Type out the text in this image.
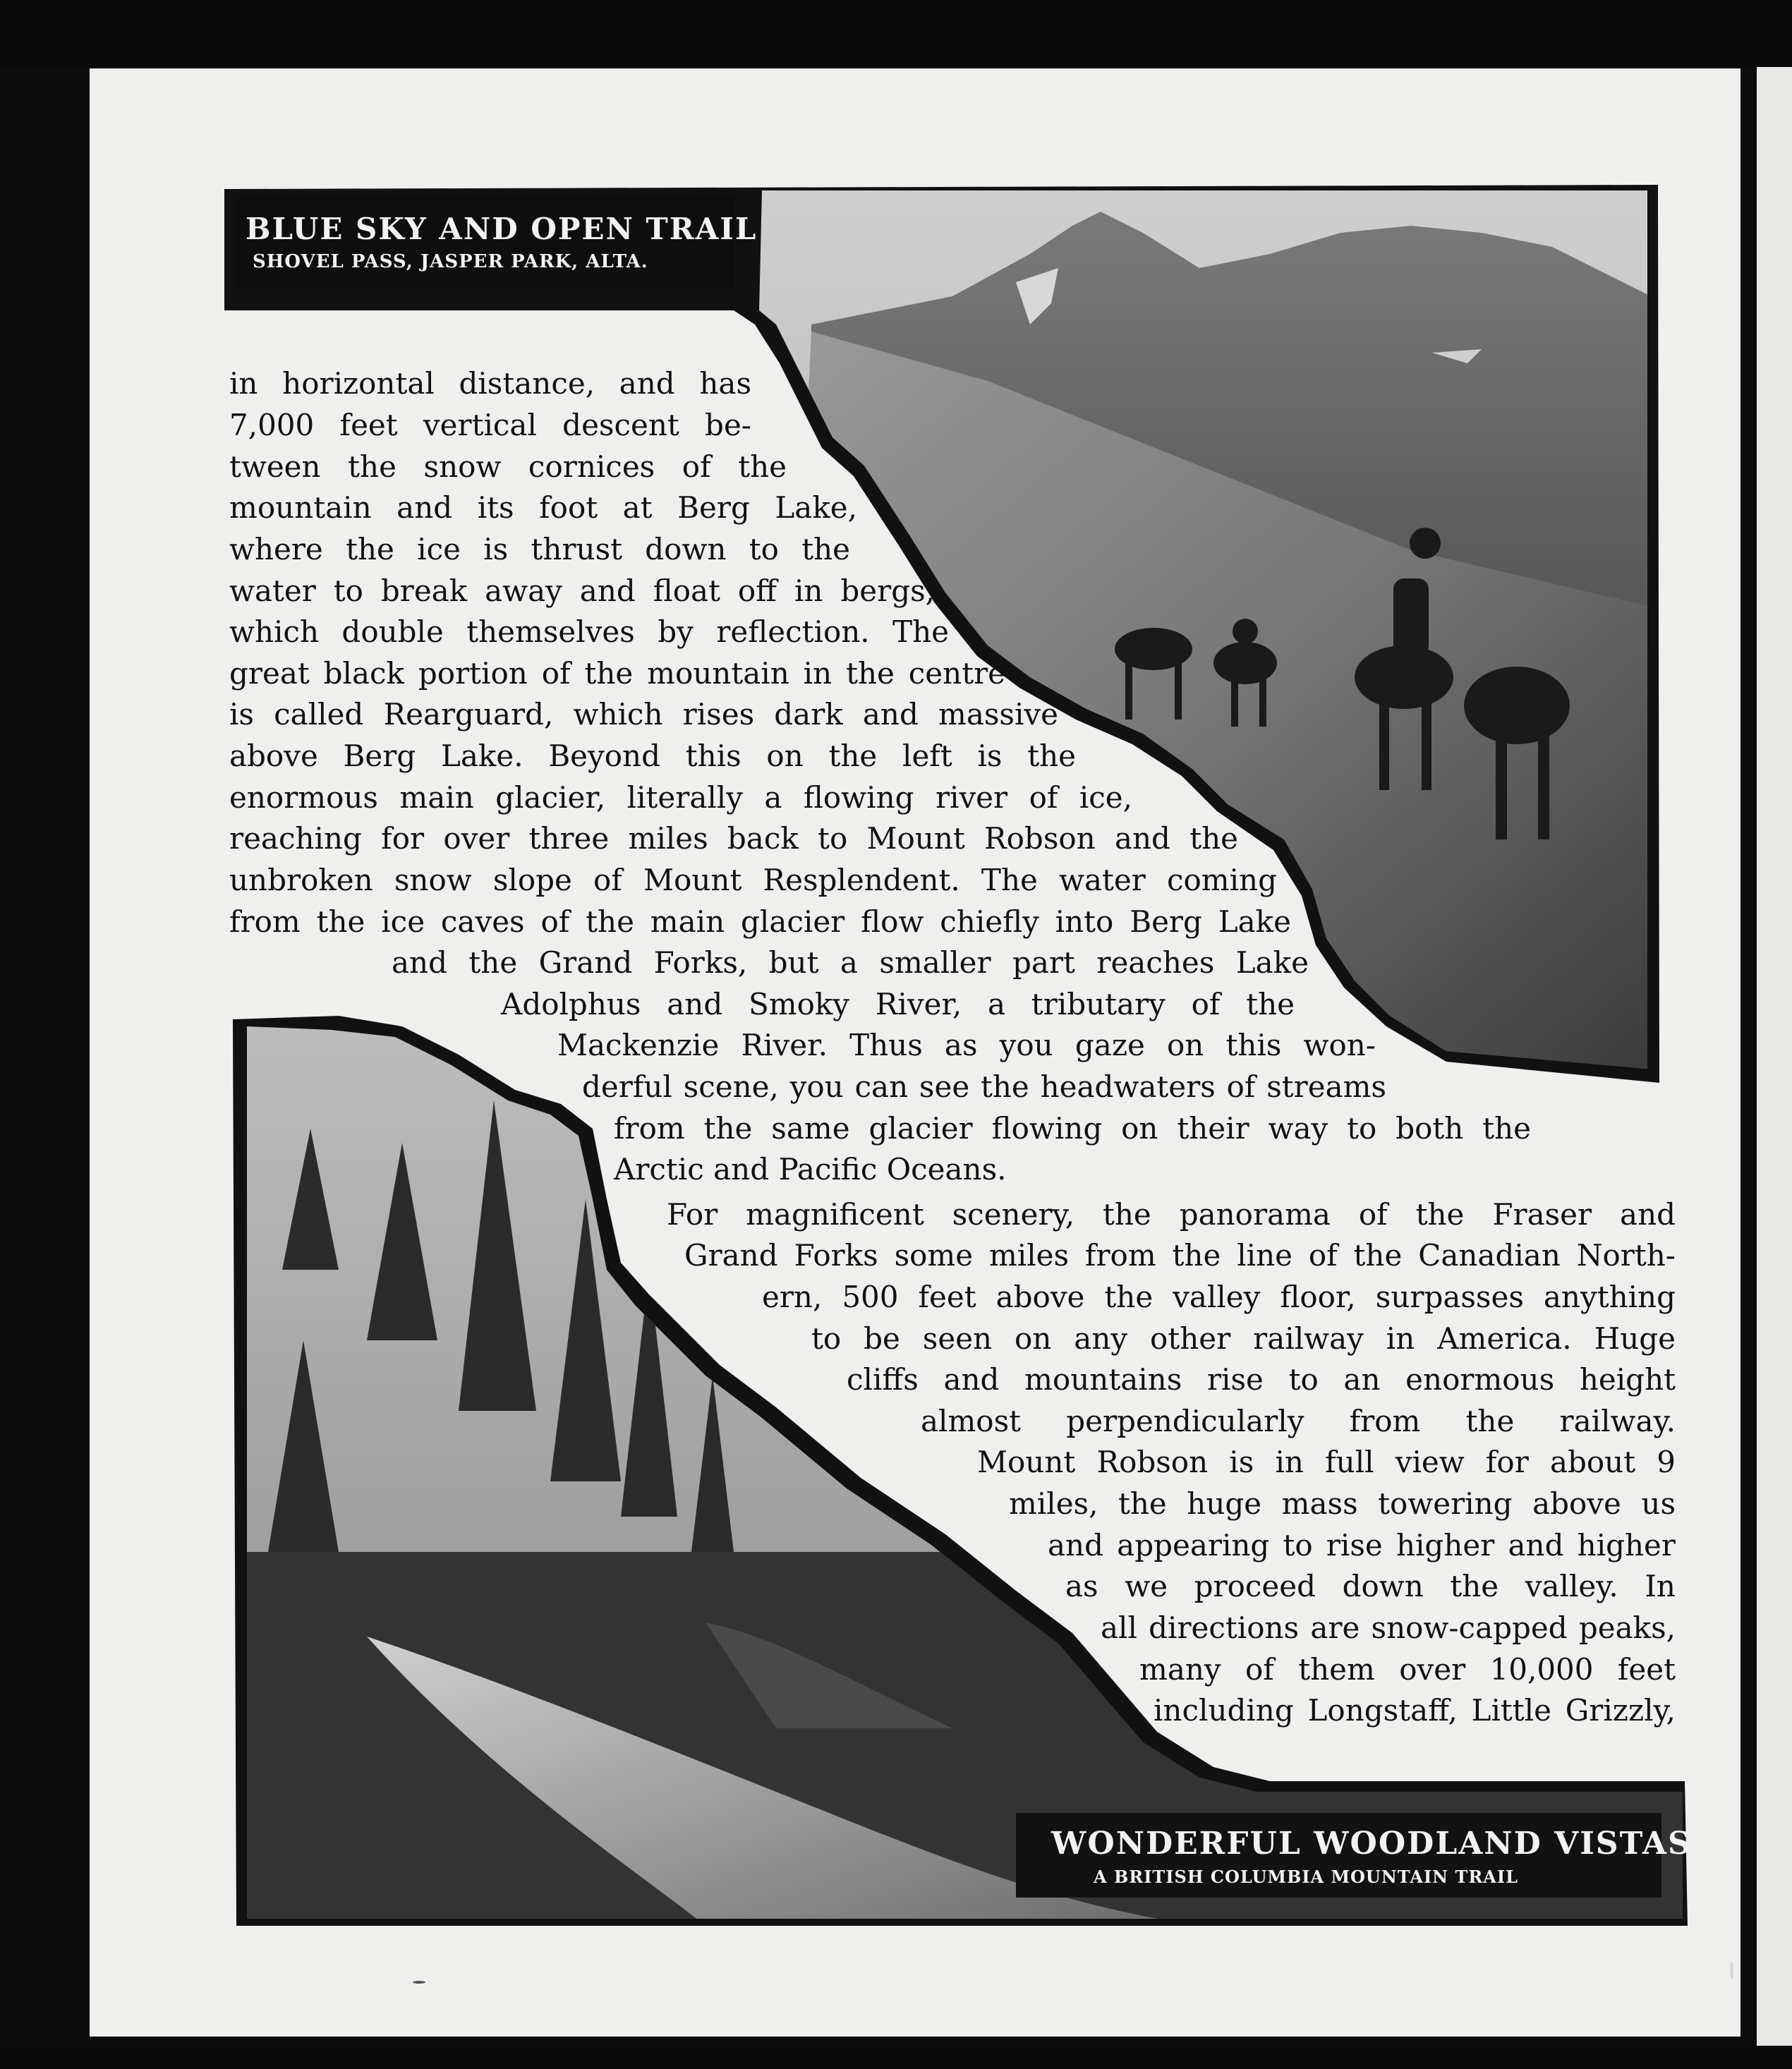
BLUE SKY AND OPEN TRAIL
SHOVEL PASS, JASPER PARK, ALTA.
WONDERFUL WOODLAND VISTAS
A BRITISH COLUMBIA MOUNTAIN TRAIL
in horizontal distance, and has
7,000 feet vertical descent be-
tween the snow cornices of the
mountain and its foot at Berg Lake,
where the ice is thrust down to the
water to break away and float off in bergs,
which double themselves by reflection. The
great black portion of the mountain in the centre
is called Rearguard, which rises dark and massive
above Berg Lake. Beyond this on the left is the
enormous main glacier, literally a flowing river of ice,
reaching for over three miles back to Mount Robson and the
unbroken snow slope of Mount Resplendent. The water coming
from the ice caves of the main glacier flow chiefly into Berg Lake
and the Grand Forks, but a smaller part reaches Lake
Adolphus and Smoky River, a tributary of the
Mackenzie River. Thus as you gaze on this won-
derful scene, you can see the headwaters of streams
from the same glacier flowing on their way to both the
Arctic and Pacific Oceans.
For magnificent scenery, the panorama of the Fraser and
Grand Forks some miles from the line of the Canadian North-
ern, 500 feet above the valley floor, surpasses anything
to be seen on any other railway in America. Huge
cliffs and mountains rise to an enormous height
almost perpendicularly from the railway.
Mount Robson is in full view for about 9
miles, the huge mass towering above us
and appearing to rise higher and higher
as we proceed down the valley. In
all directions are snow-capped peaks,
many of them over 10,000 feet
including Longstaff, Little Grizzly,
